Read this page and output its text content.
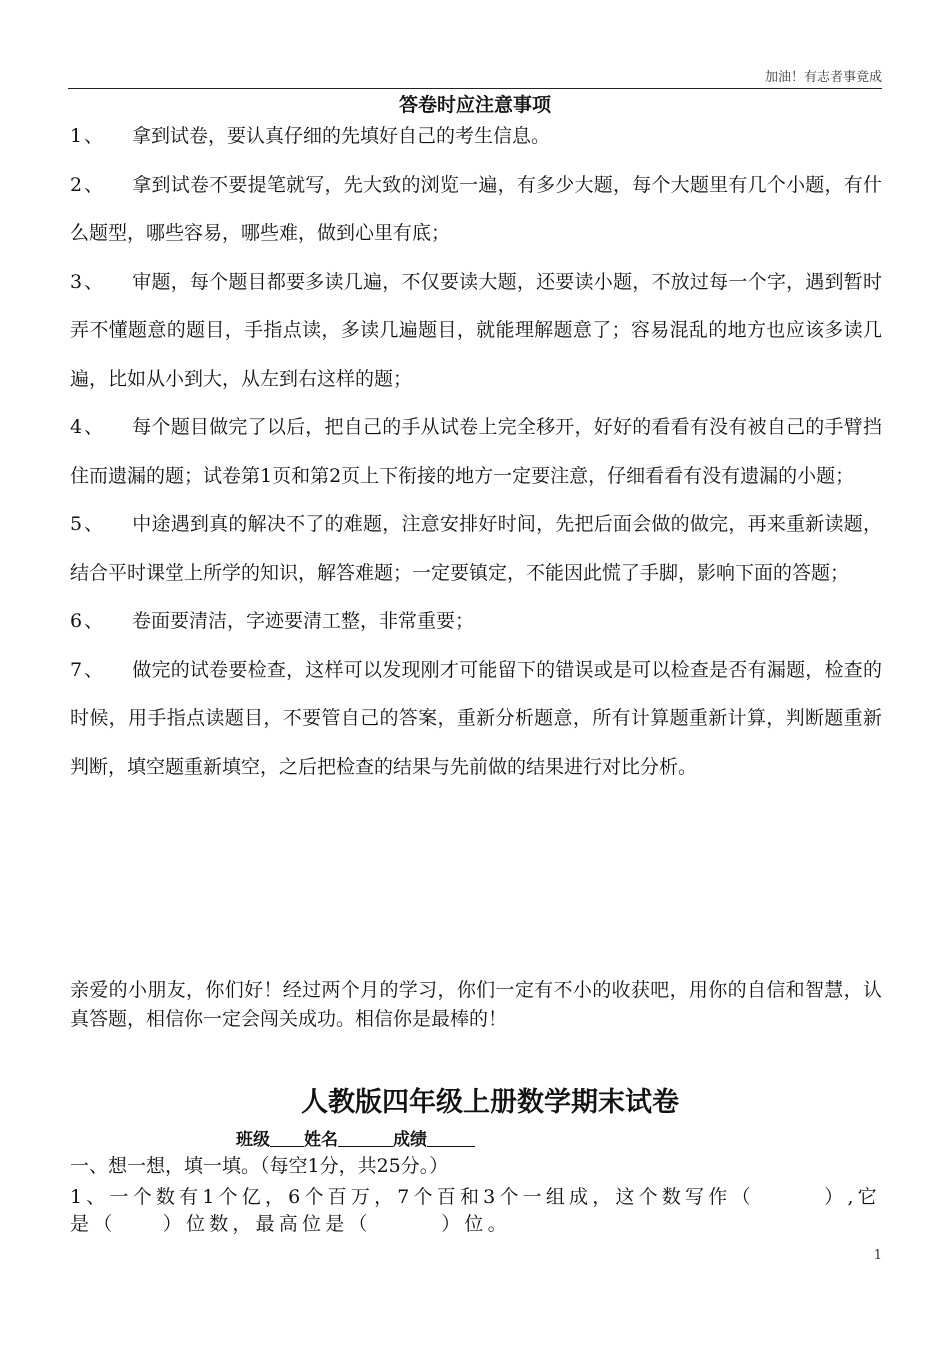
加油！有志者事竟成
答卷时应注意事项

1、 拿到试卷，要认真仔细的先填好自己的考生信息。

2、 拿到试卷不要提笔就写，先大致的浏览一遍，有多少大题，每个大题里有几个小题，有什么题型，哪些容易，哪些难，做到心里有底；

3、 审题，每个题目都要多读几遍，不仅要读大题，还要读小题，不放过每一个字，遇到暂时弄不懂题意的题目，手指点读，多读几遍题目，就能理解题意了；容易混乱的地方也应该多读几遍，比如从小到大，从左到右这样的题；

4、 每个题目做完了以后，把自己的手从试卷上完全移开，好好的看看有没有被自己的手臂挡住而遗漏的题；试卷第1页和第2页上下衔接的地方一定要注意，仔细看看有没有遗漏的小题；

5、 中途遇到真的解决不了的难题，注意安排好时间，先把后面会做的做完，再来重新读题，结合平时课堂上所学的知识，解答难题；一定要镇定，不能因此慌了手脚，影响下面的答题；

6、 卷面要清洁，字迹要清工整，非常重要；

7、 做完的试卷要检查，这样可以发现刚才可能留下的错误或是可以检查是否有漏题，检查的时候，用手指点读题目，不要管自己的答案，重新分析题意，所有计算题重新计算，判断题重新判断，填空题重新填空，之后把检查的结果与先前做的结果进行对比分析。

亲爱的小朋友，你们好！经过两个月的学习，你们一定有不小的收获吧，用你的自信和智慧，认真答题，相信你一定会闯关成功。相信你是最棒的！

人教版四年级上册数学期末试卷
班级 姓名	成绩

一、想一想，填一填。（每空1分，共25分。）

1、一个数有1个亿，6个百万，7个百和3个一组成，这个数写作（　　　）,它是（　　）位数，最高位是（　　　）位。

1
